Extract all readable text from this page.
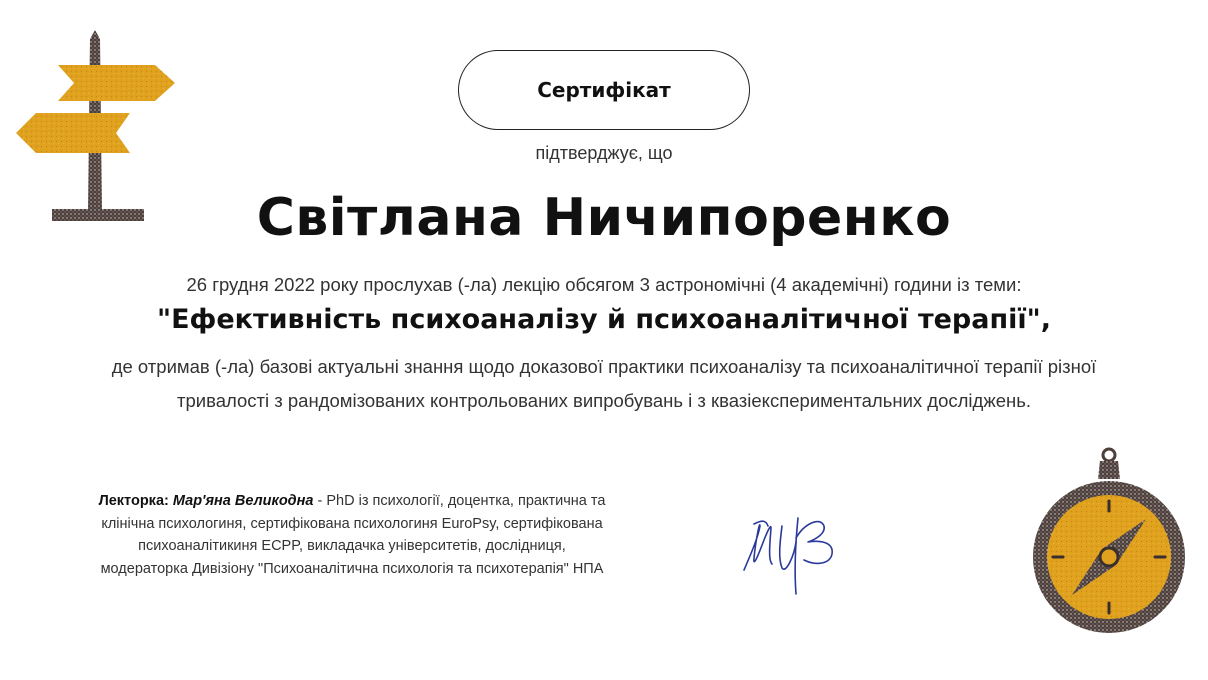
Сертифікат
підтверджує, що
Світлана Ничипоренко
26 грудня 2022 року прослухав (-ла) лекцію обсягом 3 астрономічні (4 академічні) години із теми:
"Ефективність психоаналізу й психоаналітичної терапії",
де отримав (-ла) базові актуальні знання щодо доказової практики психоаналізу та психоаналітичної терапії різної тривалості з рандомізованих контрольованих випробувань і з квазіекспериментальних досліджень.
Лекторка: Мар'яна Великодна - PhD із психології, доцентка, практична та клінічна психологиня, сертифікована психологиня EuroPsy, сертифікована психоаналітикиня ECPP, викладачка університетів, дослідниця, модераторка Дивізіону "Психоаналітична психологія та психотерапія" НПА
